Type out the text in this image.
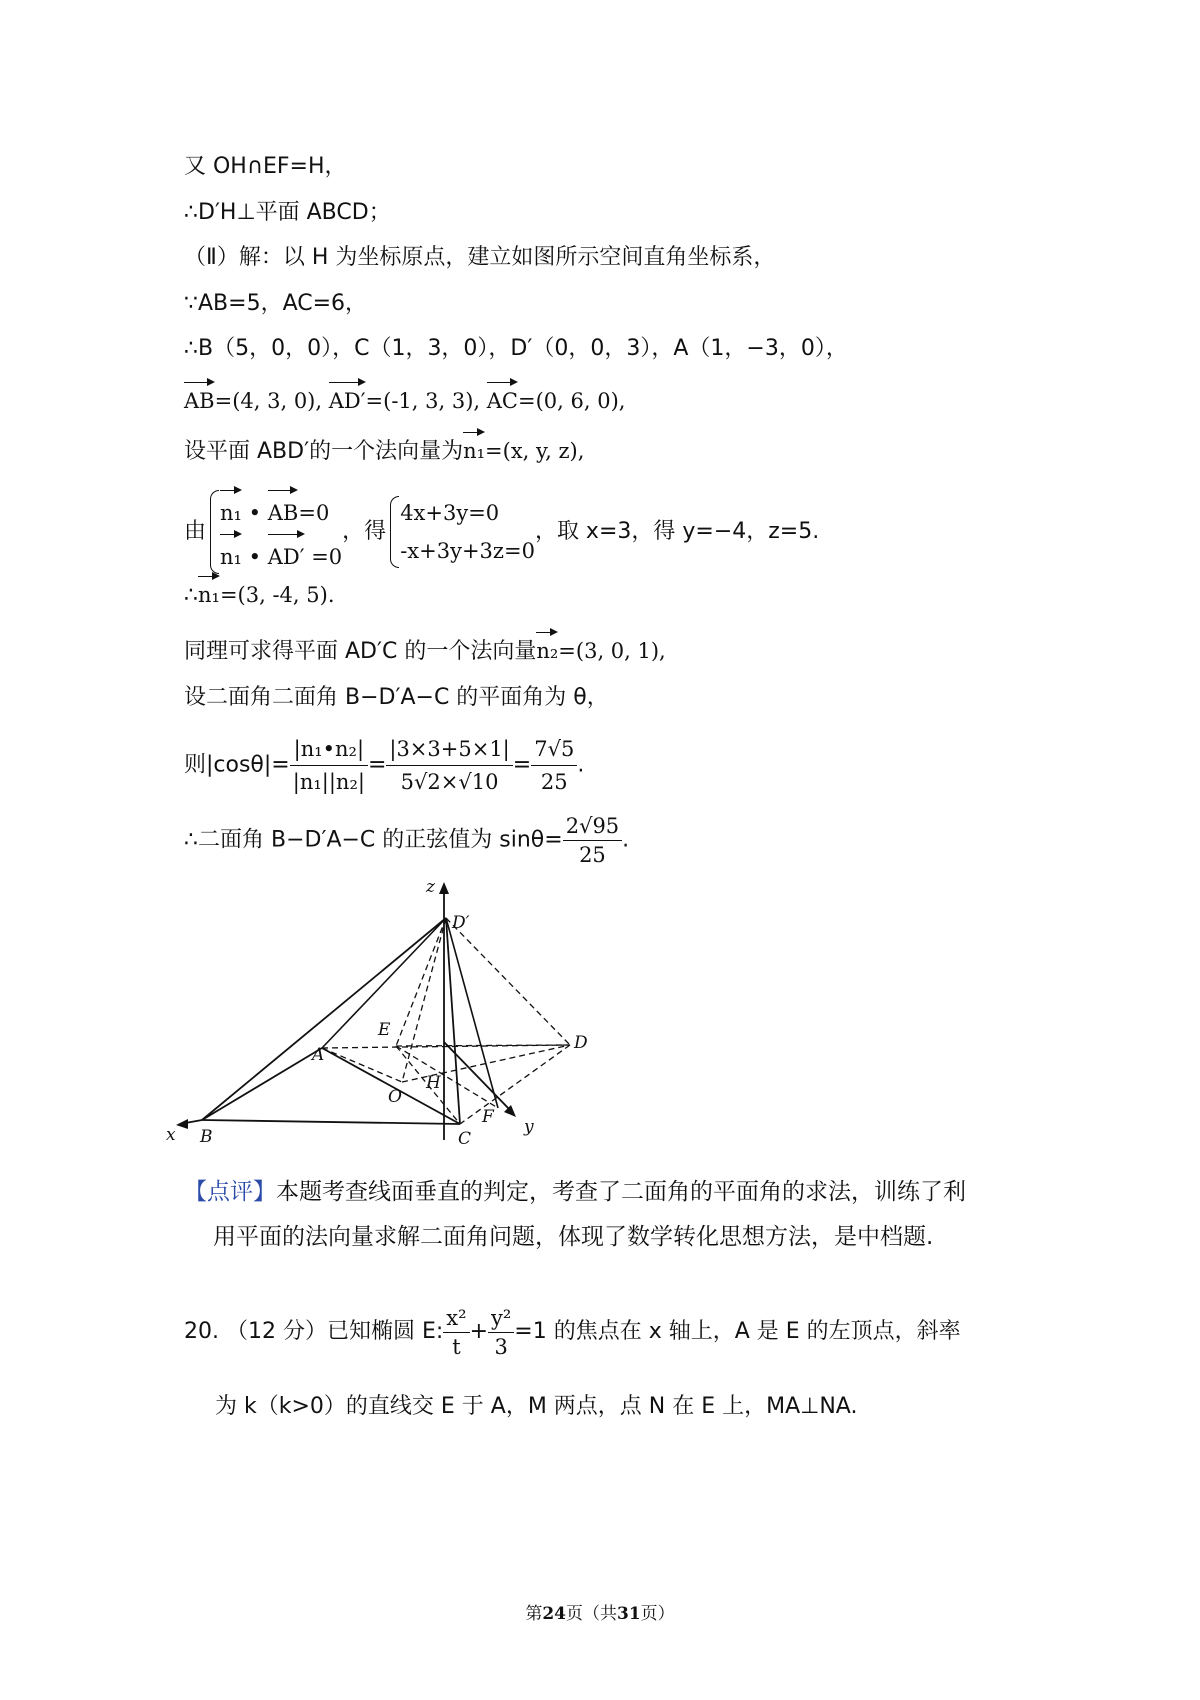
又 OH∩EF=H，
∴D′H⊥平面 ABCD；
（Ⅱ）解：以 H 为坐标原点，建立如图所示空间直角坐标系，
∵AB=5，AC=6，
∴B（5，0，0），C（1，3，0），D′（0，0，3），A（1，−3，0），
AB=(4, 3, 0), AD′=(-1, 3, 3), AC=(0, 6, 0),
设平面 ABD′的一个法向量为n₁=(x, y, z),
由
n₁ • AB=0
n₁ • AD′ =0
，得
4x+3y=0
-x+3y+3z=0
，取 x=3，得 y=−4，z=5.
∴n₁=(3, -4, 5).
同理可求得平面 AD′C 的一个法向量n₂=(3, 0, 1),
设二面角二面角 B−D′A−C 的平面角为 θ，
则$|\cos\theta|= \frac{\text{|n₁•n₂|}}{\text{|n₁||n₂|}} = \frac{|3\times 3+5\times 1|}{5√2\times√10} = \frac{7√5}{25}$ .
∴二面角 B−D′A−C 的正弦值为 $\sin\theta= \frac{2√95}{25}$ .
z
D′
E
D
A
H
O
x B	C
F y
【点评】本题考查线面垂直的判定，考查了二面角的平面角的求法，训练了利
用平面的法向量求解二面角问题，体现了数学转化思想方法，是中档题.
20. （12 分）已知椭圆 E: $\frac{\text{x²}}{t} + \frac{\text{y²}}{3} =1$ 的焦点在 x 轴上，A 是 E 的左顶点，斜率
为 k（k>0）的直线交 E 于 A，M 两点，点 N 在 E 上，MA⊥NA.
第24页（共31页）
